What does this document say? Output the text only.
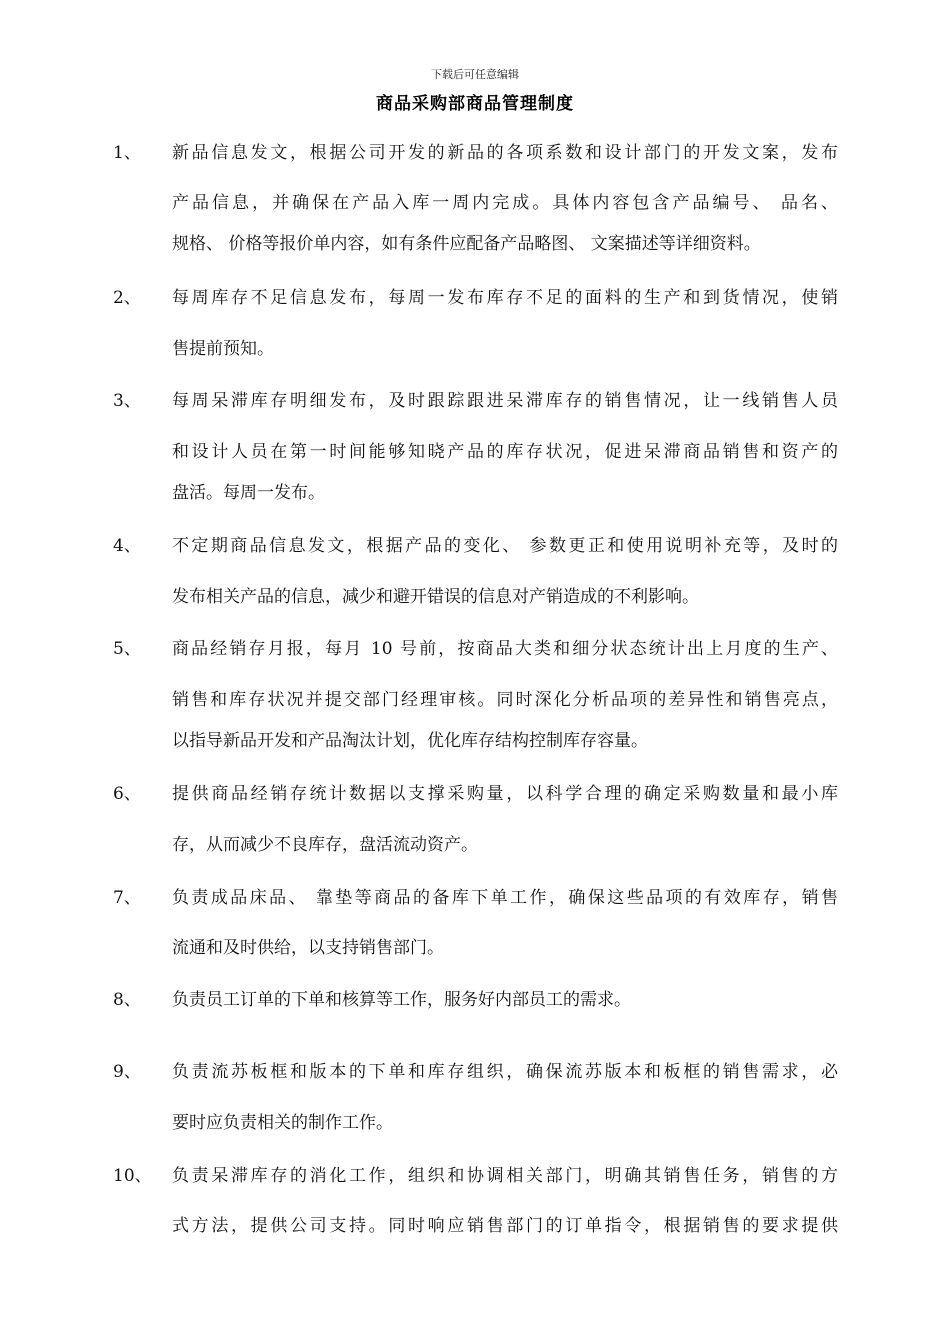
下载后可任意编辑
商品采购部商品管理制度
1、 新品信息发文，根据公司开发的新品的各项系数和设计部门的开发文案，发布
产品信息，并确保在产品入库一周内完成。具体内容包含产品编号、 品名、
规格、 价格等报价单内容，如有条件应配备产品略图、 文案描述等详细资料。
2、 每周库存不足信息发布，每周一发布库存不足的面料的生产和到货情况，使销
售提前预知。
3、 每周呆滞库存明细发布，及时跟踪跟进呆滞库存的销售情况，让一线销售人员
和设计人员在第一时间能够知晓产品的库存状况，促进呆滞商品销售和资产的
盘活。每周一发布。
4、 不定期商品信息发文，根据产品的变化、 参数更正和使用说明补充等，及时的
发布相关产品的信息，减少和避开错误的信息对产销造成的不利影响。
5、 商品经销存月报，每月 10 号前，按商品大类和细分状态统计出上月度的生产、
销售和库存状况并提交部门经理审核。同时深化分析品项的差异性和销售亮点，
以指导新品开发和产品淘汰计划，优化库存结构控制库存容量。
6、 提供商品经销存统计数据以支撑采购量，以科学合理的确定采购数量和最小库
存，从而减少不良库存，盘活流动资产。
7、 负责成品床品、 靠垫等商品的备库下单工作，确保这些品项的有效库存，销售
流通和及时供给，以支持销售部门。
8、 负责员工订单的下单和核算等工作，服务好内部员工的需求。
9、 负责流苏板框和版本的下单和库存组织，确保流苏版本和板框的销售需求，必
要时应负责相关的制作工作。
10、 负责呆滞库存的消化工作，组织和协调相关部门，明确其销售任务，销售的方
式方法，提供公司支持。同时响应销售部门的订单指令，根据销售的要求提供
